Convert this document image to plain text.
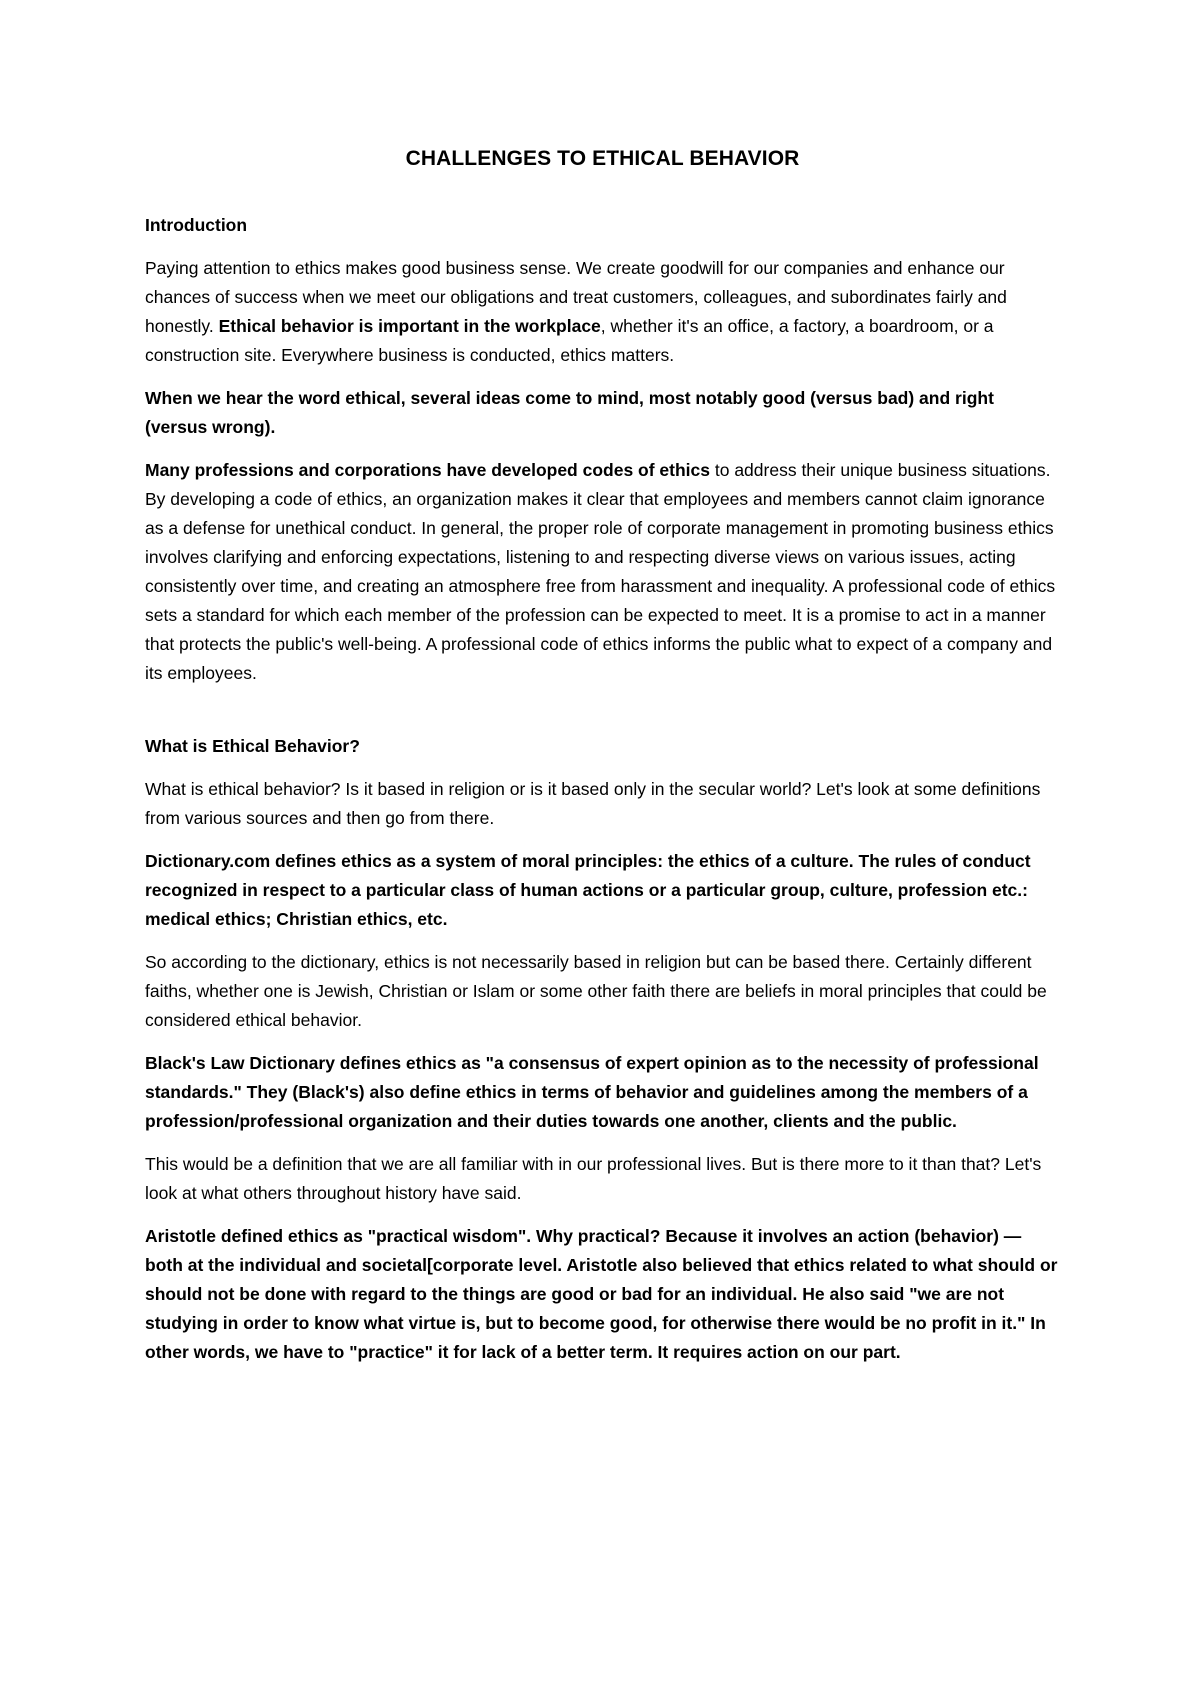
CHALLENGES TO ETHICAL BEHAVIOR
Introduction

Paying attention to ethics makes good business sense. We create goodwill for our companies and enhance our chances of success when we meet our obligations and treat customers, colleagues, and subordinates fairly and honestly. Ethical behavior is important in the workplace, whether it's an office, a factory, a boardroom, or a construction site. Everywhere business is conducted, ethics matters.

When we hear the word ethical, several ideas come to mind, most notably good (versus bad) and right (versus wrong).

Many professions and corporations have developed codes of ethics to address their unique business situations. By developing a code of ethics, an organization makes it clear that employees and members cannot claim ignorance as a defense for unethical conduct. In general, the proper role of corporate management in promoting business ethics involves clarifying and enforcing expectations, listening to and respecting diverse views on various issues, acting consistently over time, and creating an atmosphere free from harassment and inequality. A professional code of ethics sets a standard for which each member of the profession can be expected to meet. It is a promise to act in a manner that protects the public's well-being. A professional code of ethics informs the public what to expect of a company and its employees.

What is Ethical Behavior?

What is ethical behavior? Is it based in religion or is it based only in the secular world? Let's look at some definitions from various sources and then go from there.

Dictionary.com defines ethics as a system of moral principles: the ethics of a culture. The rules of conduct recognized in respect to a particular class of human actions or a particular group, culture, profession etc.: medical ethics; Christian ethics, etc.

So according to the dictionary, ethics is not necessarily based in religion but can be based there. Certainly different faiths, whether one is Jewish, Christian or Islam or some other faith there are beliefs in moral principles that could be considered ethical behavior.

Black's Law Dictionary defines ethics as "a consensus of expert opinion as to the necessity of professional standards." They (Black's) also define ethics in terms of behavior and guidelines among the members of a profession/professional organization and their duties towards one another, clients and the public.

This would be a definition that we are all familiar with in our professional lives. But is there more to it than that? Let's look at what others throughout history have said.

Aristotle defined ethics as "practical wisdom". Why practical? Because it involves an action (behavior) — both at the individual and societal[corporate level. Aristotle also believed that ethics related to what should or should not be done with regard to the things are good or bad for an individual. He also said "we are not studying in order to know what virtue is, but to become good, for otherwise there would be no profit in it." In other words, we have to "practice" it for lack of a better term. It requires action on our part.
